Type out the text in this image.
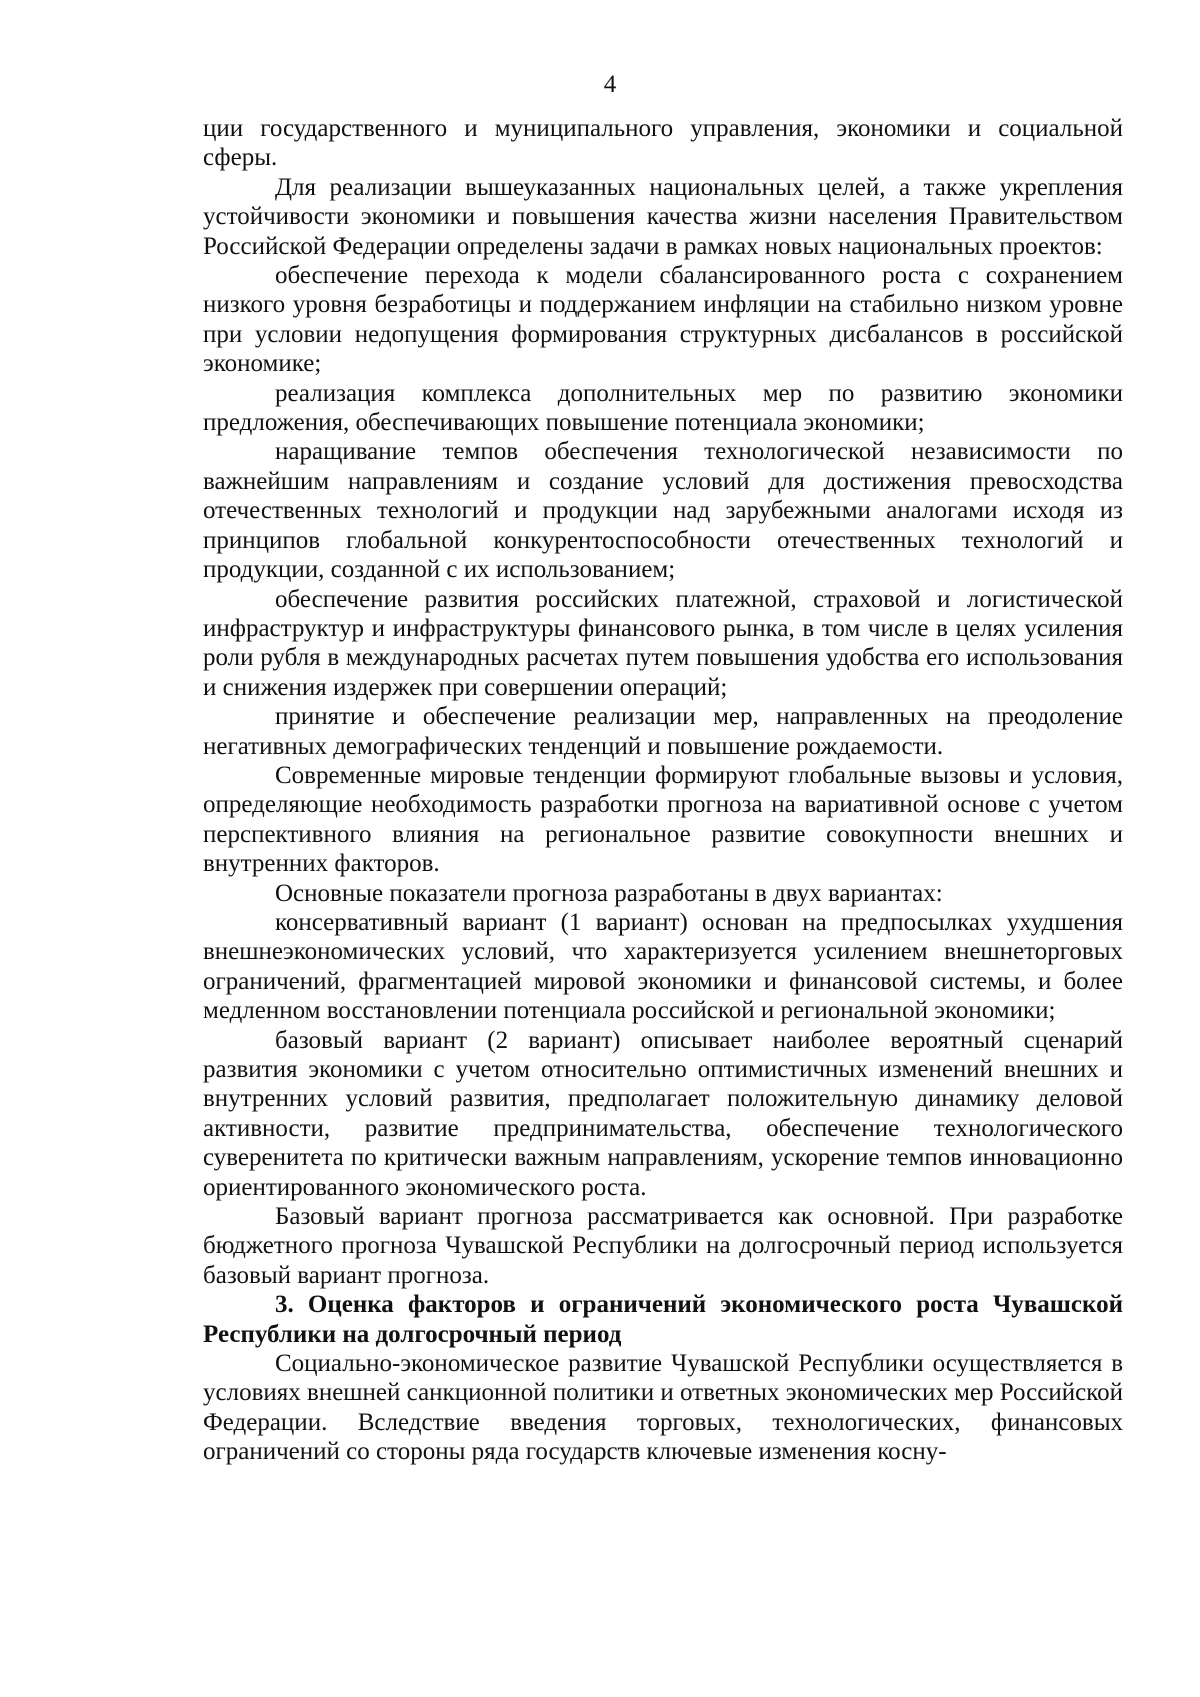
4

ции государственного и муниципального управления, экономики и социальной сферы.

Для реализации вышеуказанных национальных целей, а также укрепления устойчивости экономики и повышения качества жизни населения Правительством Российской Федерации определены задачи в рамках новых национальных проектов:

обеспечение перехода к модели сбалансированного роста с сохранением низкого уровня безработицы и поддержанием инфляции на стабильно низком уровне при условии недопущения формирования структурных дисбалансов в российской экономике;

реализация комплекса дополнительных мер по развитию экономики предложения, обеспечивающих повышение потенциала экономики;

наращивание темпов обеспечения технологической независимости по важнейшим направлениям и создание условий для достижения превосходства отечественных технологий и продукции над зарубежными аналогами исходя из принципов глобальной конкурентоспособности отечественных технологий и продукции, созданной с их использованием;

обеспечение развития российских платежной, страховой и логистической инфраструктур и инфраструктуры финансового рынка, в том числе в целях усиления роли рубля в международных расчетах путем повышения удобства его использования и снижения издержек при совершении операций;

принятие и обеспечение реализации мер, направленных на преодоление негативных демографических тенденций и повышение рождаемости.

Современные мировые тенденции формируют глобальные вызовы и условия, определяющие необходимость разработки прогноза на вариативной основе с учетом перспективного влияния на региональное развитие совокупности внешних и внутренних факторов.

Основные показатели прогноза разработаны в двух вариантах:

консервативный вариант (1 вариант) основан на предпосылках ухудшения внешнеэкономических условий, что характеризуется усилением внешнеторговых ограничений, фрагментацией мировой экономики и финансовой системы, и более медленном восстановлении потенциала российской и региональной экономики;

базовый вариант (2 вариант) описывает наиболее вероятный сценарий развития экономики с учетом относительно оптимистичных изменений внешних и внутренних условий развития, предполагает положительную динамику деловой активности, развитие предпринимательства, обеспечение технологического суверенитета по критически важным направлениям, ускорение темпов инновационно ориентированного экономического роста.

Базовый вариант прогноза рассматривается как основной. При разработке бюджетного прогноза Чувашской Республики на долгосрочный период используется базовый вариант прогноза.

3. Оценка факторов и ограничений экономического роста Чувашской Республики на долгосрочный период

Социально-экономическое развитие Чувашской Республики осуществляется в условиях внешней санкционной политики и ответных экономических мер Российской Федерации. Вследствие введения торговых, технологических, финансовых ограничений со стороны ряда государств ключевые изменения косну-
